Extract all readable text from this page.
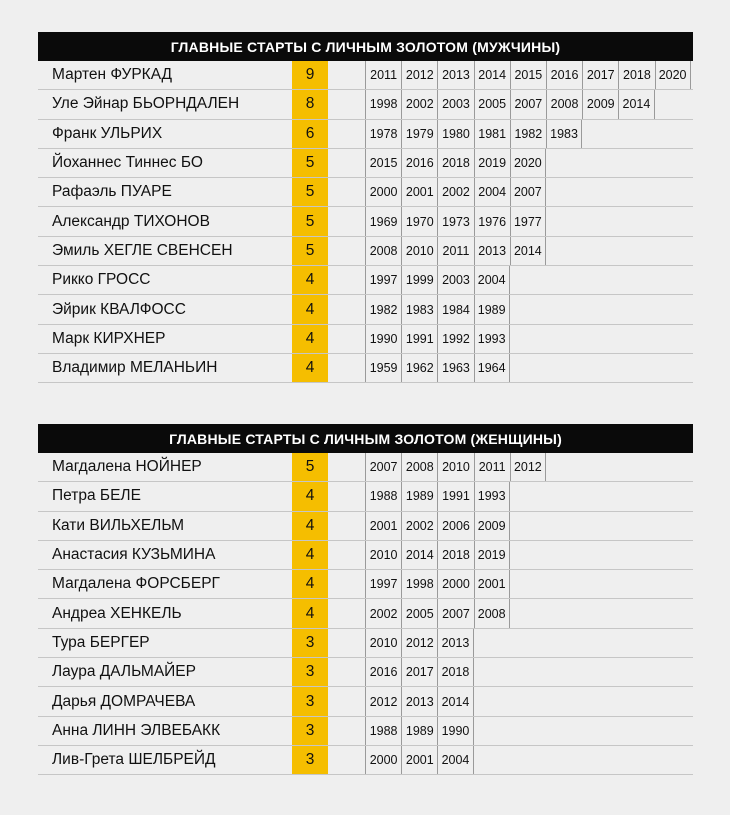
ГЛАВНЫЕ СТАРТЫ С ЛИЧНЫМ ЗОЛОТОМ (МУЖЧИНЫ)
Мартен ФУРКАД	9	2011 2012 2013 2014 2015 2016 2017 2018 2020
Уле Эйнар БЬОРНДАЛЕН	8	1998 2002 2003 2005 2007 2008 2009 2014
Франк УЛЬРИХ	6	1978 1979 1980 1981 1982 1983
Йоханнес Тиннес БО	5	2015 2016 2018 2019 2020
Рафаэль ПУАРЕ	5	2000 2001 2002 2004 2007
Александр ТИХОНОВ	5	1969 1970 1973 1976 1977
Эмиль ХЕГЛЕ СВЕНСЕН	5	2008 2010 2011 2013 2014
Рикко ГРОСС	4	1997 1999 2003 2004
Эйрик КВАЛФОСС	4	1982 1983 1984 1989
Марк КИРХНЕР	4	1990 1991 1992 1993
Владимир МЕЛАНЬИН	4	1959 1962 1963 1964
ГЛАВНЫЕ СТАРТЫ С ЛИЧНЫМ ЗОЛОТОМ (ЖЕНЩИНЫ)
Магдалена НОЙНЕР	5	2007 2008 2010 2011 2012
Петра БЕЛЕ	4	1988 1989 1991 1993
Кати ВИЛЬХЕЛЬМ	4	2001 2002 2006 2009
Анастасия КУЗЬМИНА	4	2010 2014 2018 2019
Магдалена ФОРСБЕРГ	4	1997 1998 2000 2001
Андреа ХЕНКЕЛЬ	4	2002 2005 2007 2008
Тура БЕРГЕР	3	2010 2012 2013
Лаура ДАЛЬМАЙЕР	3	2016 2017 2018
Дарья ДОМРАЧЕВА	3	2012 2013 2014
Анна ЛИНН ЭЛВЕБАКК	3	1988 1989 1990
Лив-Грета ШЕЛБРЕЙД	3	2000 2001 2004
